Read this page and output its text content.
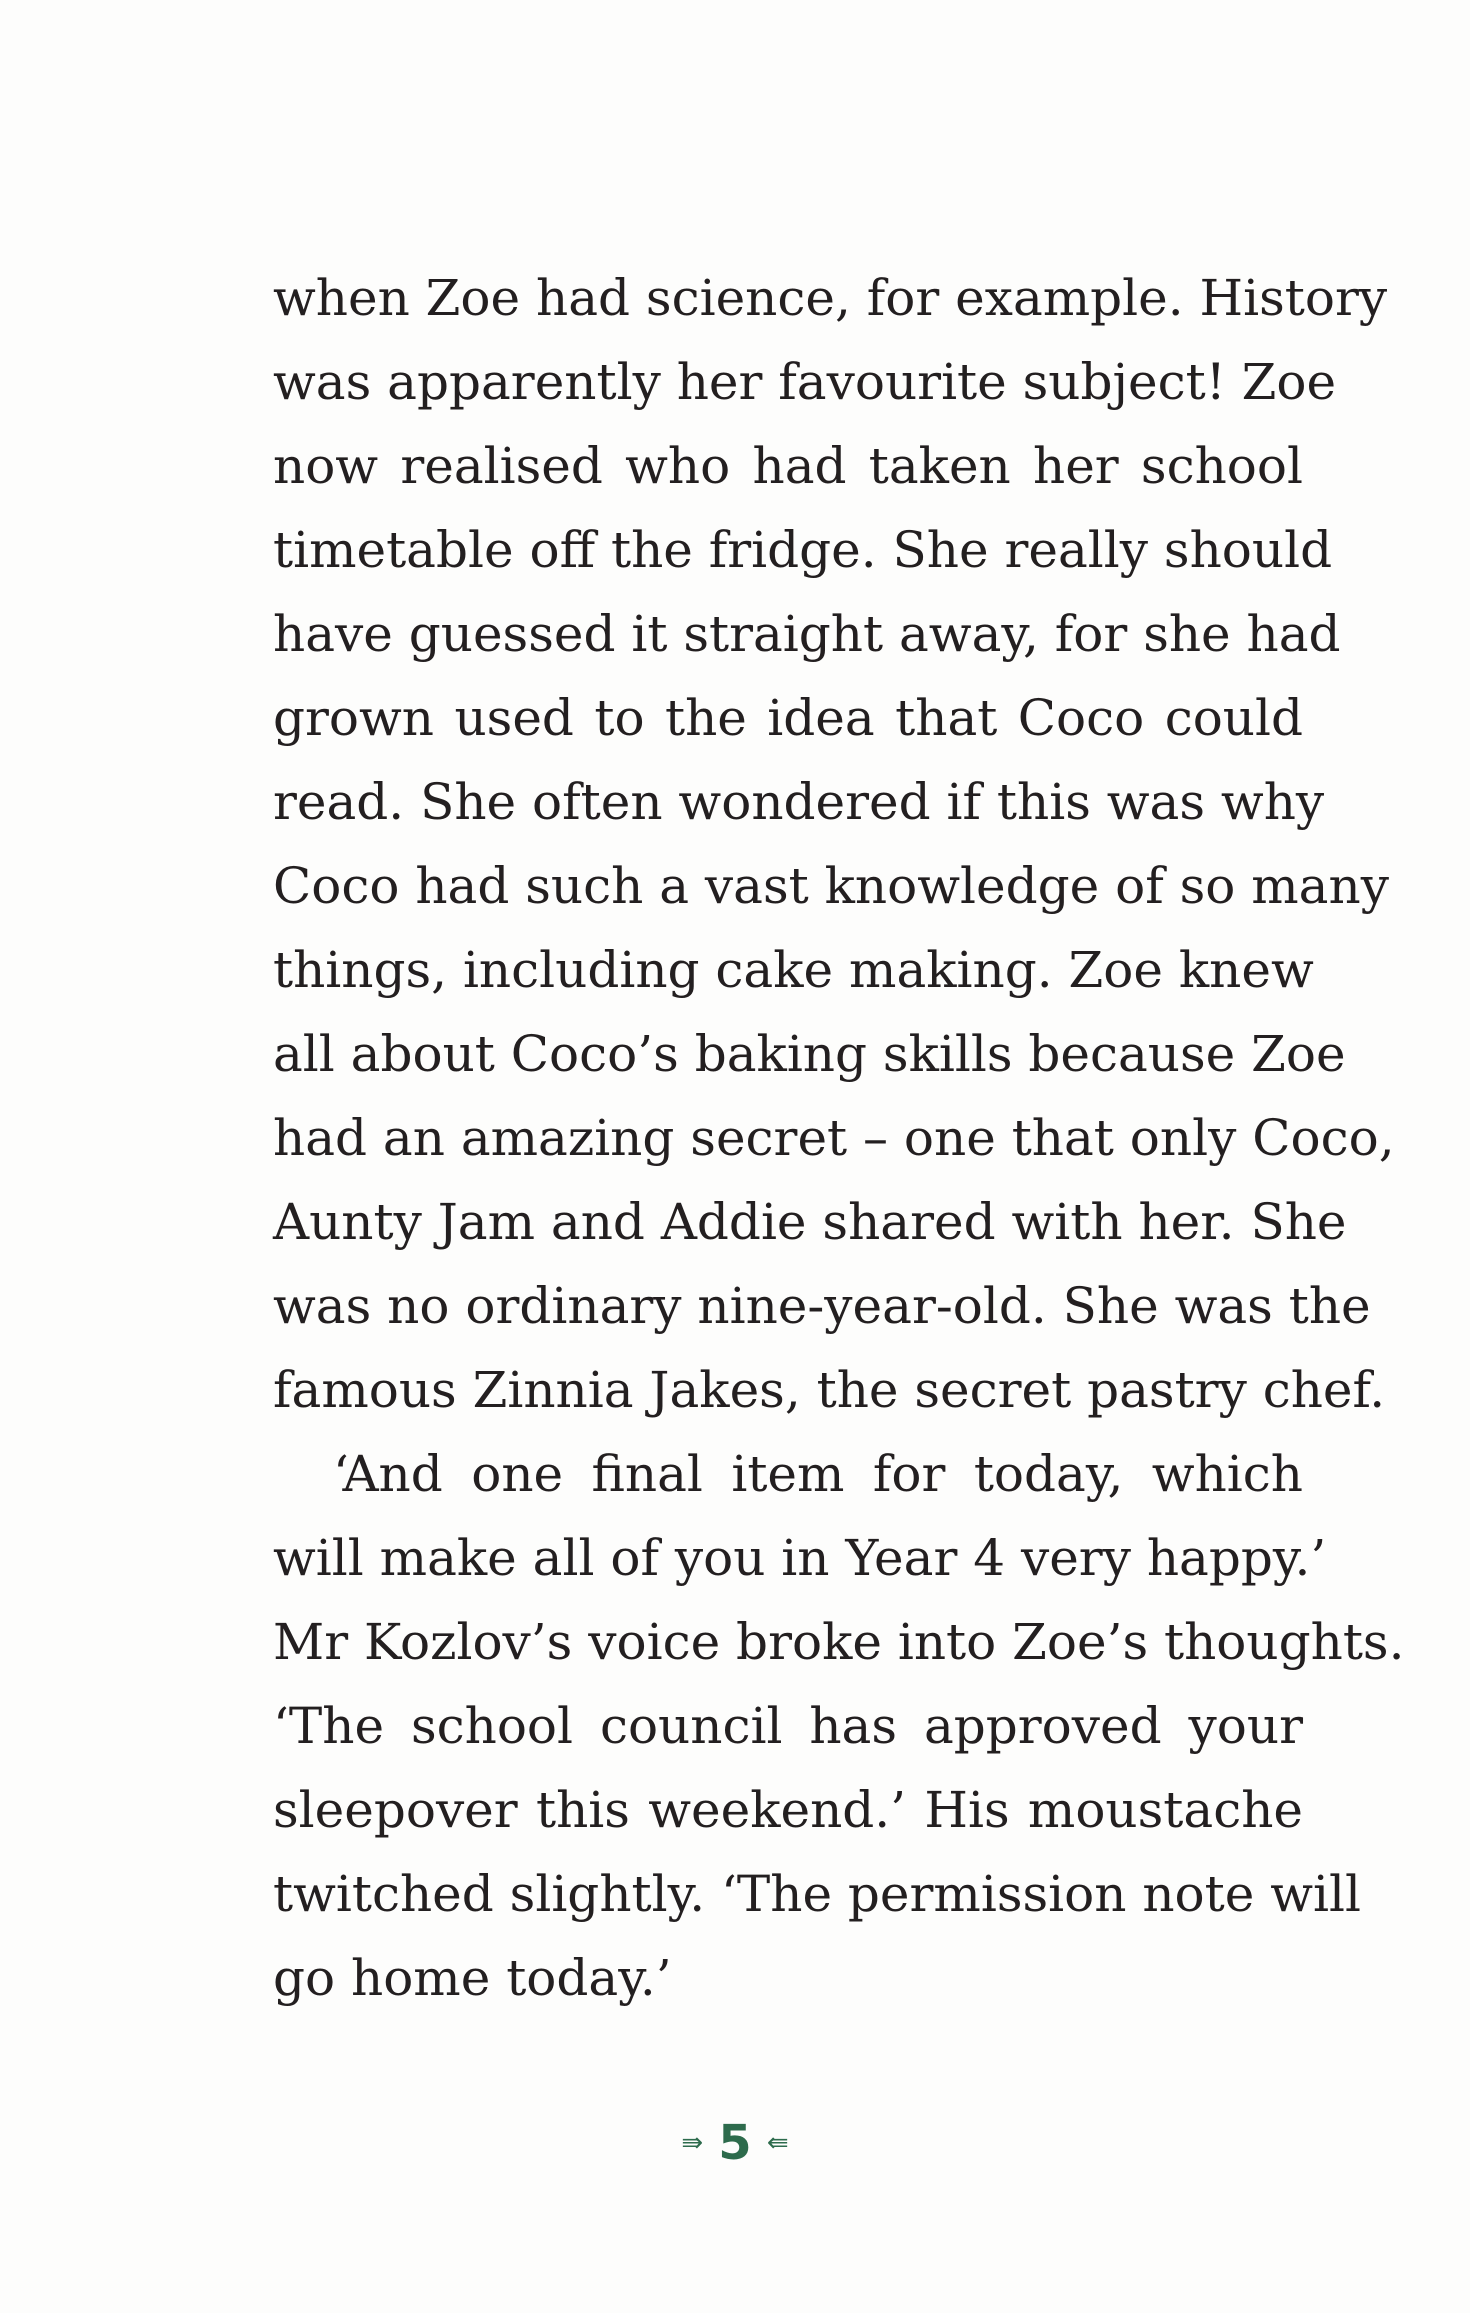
when Zoe had science, for example. History
was apparently her favourite subject! Zoe
now realised who had taken her school
timetable off the fridge. She really should
have guessed it straight away, for she had
grown used to the idea that Coco could
read. She often wondered if this was why
Coco had such a vast knowledge of so many
things, including cake making. Zoe knew
all about Coco’s baking skills because Zoe
had an amazing secret – one that only Coco,
Aunty Jam and Addie shared with her. She
was no ordinary nine-year-old. She was the
famous Zinnia Jakes, the secret pastry chef.
‘And one final item for today, which
will make all of you in Year 4 very happy.’
Mr Kozlov’s voice broke into Zoe’s thoughts.
‘The school council has approved your
sleepover this weekend.’ His moustache
twitched slightly. ‘The permission note will
go home today.’
⇛ 5 ⇚
